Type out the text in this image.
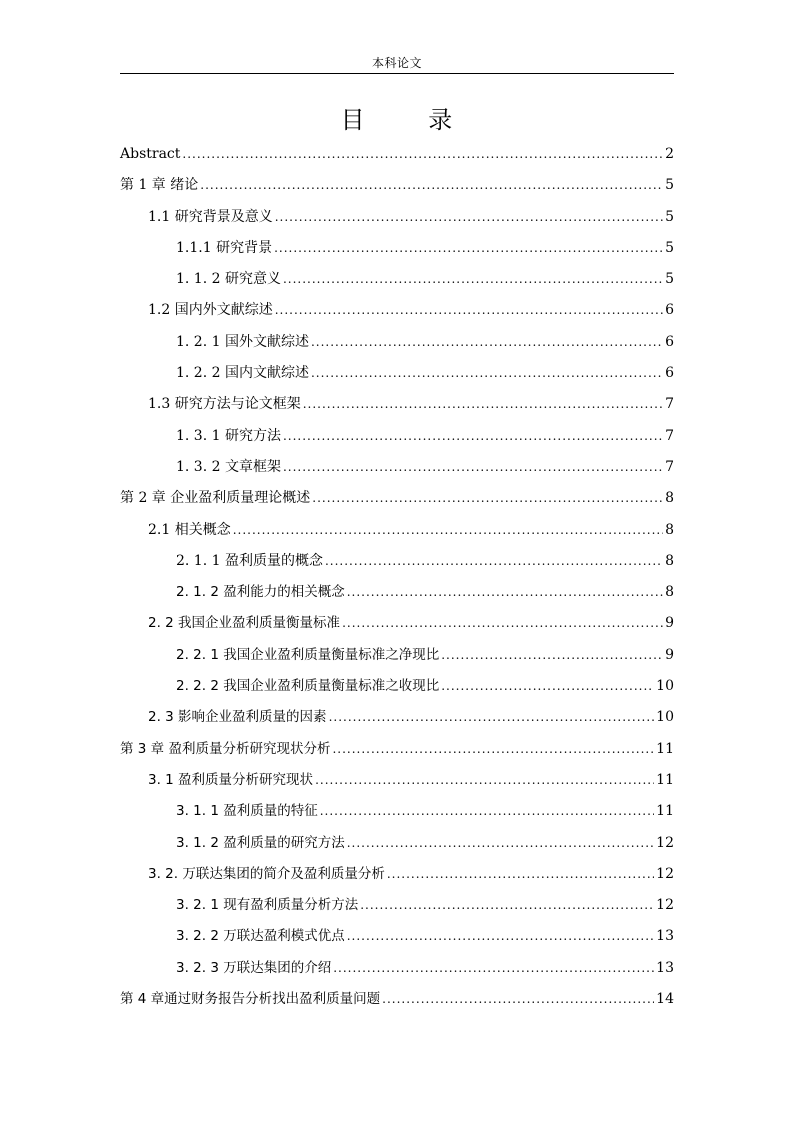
本科论文
目 录
Abstract .....	2
第 1 章 绪论 .....	5
1.1 研究背景及意义 .....	5
1.1.1 研究背景 .....	5
1. 1. 2 研究意义 .....	5
1.2 国内外文献综述 .....	6
1. 2. 1 国外文献综述 .....	6
1. 2. 2 国内文献综述 .....	6
1.3 研究方法与论文框架 .....	7
1. 3. 1 研究方法 .....	7
1. 3. 2 文章框架 .....	7
第 2 章 企业盈利质量理论概述 .....	8
2.1 相关概念 .....	8
2. 1. 1 盈利质量的概念 .....	8
2. 1. 2 盈利能力的相关概念 .....	8
2. 2 我国企业盈利质量衡量标准 .....	9
2. 2. 1 我国企业盈利质量衡量标准之净现比 .....	9
2. 2. 2 我国企业盈利质量衡量标准之收现比 .....	10
2. 3 影响企业盈利质量的因素 .....	10
第 3 章 盈利质量分析研究现状分析 .....	11
3. 1 盈利质量分析研究现状 .....	11
3. 1. 1 盈利质量的特征 .....	11
3. 1. 2 盈利质量的研究方法 .....	12
3. 2. 万联达集团的简介及盈利质量分析 .....	12
3. 2. 1 现有盈利质量分析方法 .....	12
3. 2. 2 万联达盈利模式优点 .....	13
3. 2. 3 万联达集团的介绍 .....	13
第 4 章通过财务报告分析找出盈利质量问题 .....	14
